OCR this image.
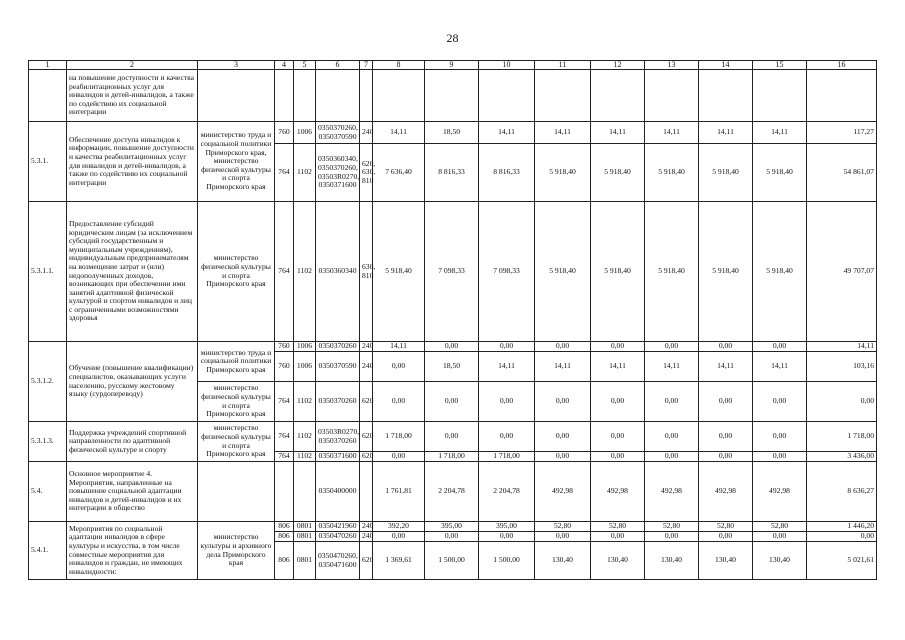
28
1	2	3	4	5	6	7	8	9	10	11	12	13	14	15	16
	на повышение доступности и качества реабилитационных услуг для инвалидов и детей-инвалидов, а также по содействию их социальной интеграции														
5.3.1.	Обеспечение доступа инвалидов к информации, повышение доступности и качества реабилитационных услуг для инвалидов и детей-инвалидов, а также по содействию их социальной интеграции	министерство труда и социальной политики Приморского края, министерство физической культуры и спорта Приморского края	760	1006	0350370260, 0350370590	240	14,11	18,50	14,11	14,11	14,11	14,11	14,11	14,11	117,27
			764	1102	0350360340, 0350370260, 03503R0270, 0350371600	620, 630, 810	7 636,40	8 816,33	8 816,33	5 918,40	5 918,40	5 918,40	5 918,40	5 918,40	54 861,07
5.3.1.1.	Предоставление субсидий юридическим лицам (за исключением субсидий государственным и муниципальным учреждениям), индивидуальным предпринимателям на возмещение затрат и (или) недополученных доходов, возникающих при обеспечении ими занятий адаптивной физической культурой и спортом инвалидов и лиц с ограниченными возможностями здоровья	министерство физической культуры и спорта Приморского края	764	1102	0350360340	630, 810	5 918,40	7 098,33	7 098,33	5 918,40	5 918,40	5 918,40	5 918,40	5 918,40	49 707,07
5.3.1.2.	Обучение (повышение квалификации) специалистов, оказывающих услуги населению, русскому жестовому языку (сурдопереводу)	министерство труда и социальной политики Приморского края	760	1006	0350370260	240	14,11	0,00	0,00	0,00	0,00	0,00	0,00	0,00	14,11
			760	1006	0350370590	240	0,00	18,50	14,11	14,11	14,11	14,11	14,11	14,11	103,16
		министерство физической культуры и спорта Приморского края	764	1102	0350370260	620	0,00	0,00	0,00	0,00	0,00	0,00	0,00	0,00	0,00
5.3.1.3.	Поддержка учреждений спортивной направленности по адаптивной физической культуре и спорту	министерство физической культуры и спорта Приморского края	764	1102	03503R0270, 0350370260	620	1 718,00	0,00	0,00	0,00	0,00	0,00	0,00	0,00	1 718,00
			764	1102	0350371600	620	0,00	1 718,00	1 718,00	0,00	0,00	0,00	0,00	0,00	3 436,00
5.4.	Основное мероприятие 4. Мероприятия, направленные на повышение социальной адаптации инвалидов и детей-инвалидов и их интеграции в общество				0350400000		1 761,81	2 204,78	2 204,78	492,98	492,98	492,98	492,98	492,98	8 636,27
5.4.1.	Мероприятия по социальной адаптации инвалидов в сфере культуры и искусства, в том числе совместные мероприятия для инвалидов и граждан, не имеющих инвалидности:	министерство культуры и архивного дела Приморского края	806	0801	0350421960	240	392,20	395,00	395,00	52,80	52,80	52,80	52,80	52,80	1 446,20
			806	0801	0350470260	240	0,00	0,00	0,00	0,00	0,00	0,00	0,00	0,00	0,00
			806	0801	0350470260, 0350471600	620	1 369,61	1 500,00	1 500,00	130,40	130,40	130,40	130,40	130,40	5 021,61
